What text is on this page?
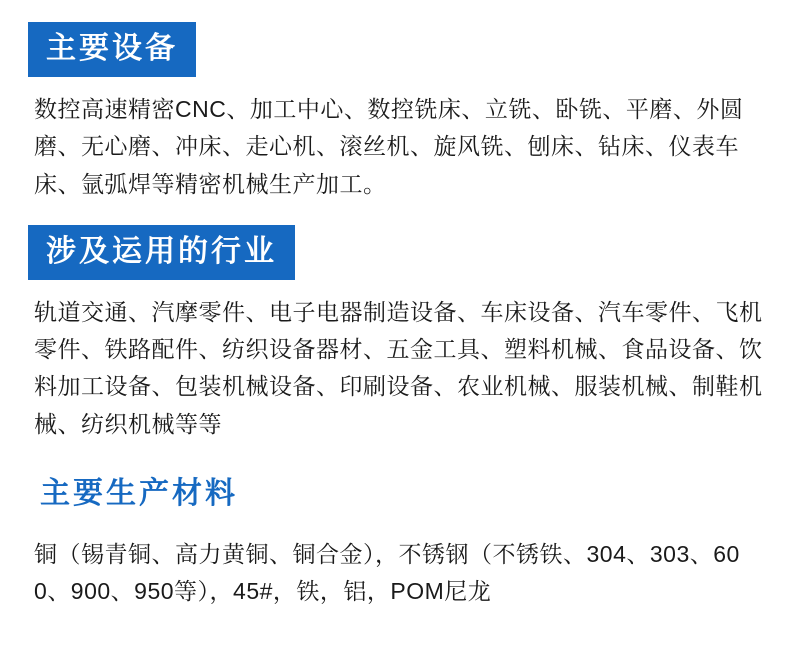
主要设备
数控高速精密CNC、加工中心、数控铣床、立铣、卧铣、平磨、外圆磨、无心磨、冲床、走心机、滚丝机、旋风铣、刨床、钻床、仪表车床、氩弧焊等精密机械生产加工。
涉及运用的行业
轨道交通、汽摩零件、电子电器制造设备、车床设备、汽车零件、飞机零件、铁路配件、纺织设备器材、五金工具、塑料机械、食品设备、饮料加工设备、包装机械设备、印刷设备、农业机械、服装机械、制鞋机械、纺织机械等等
主要生产材料
铜（锡青铜、高力黄铜、铜合金），不锈钢（不锈铁、304、303、600、900、950等），45#，铁，铝，POM尼龙
